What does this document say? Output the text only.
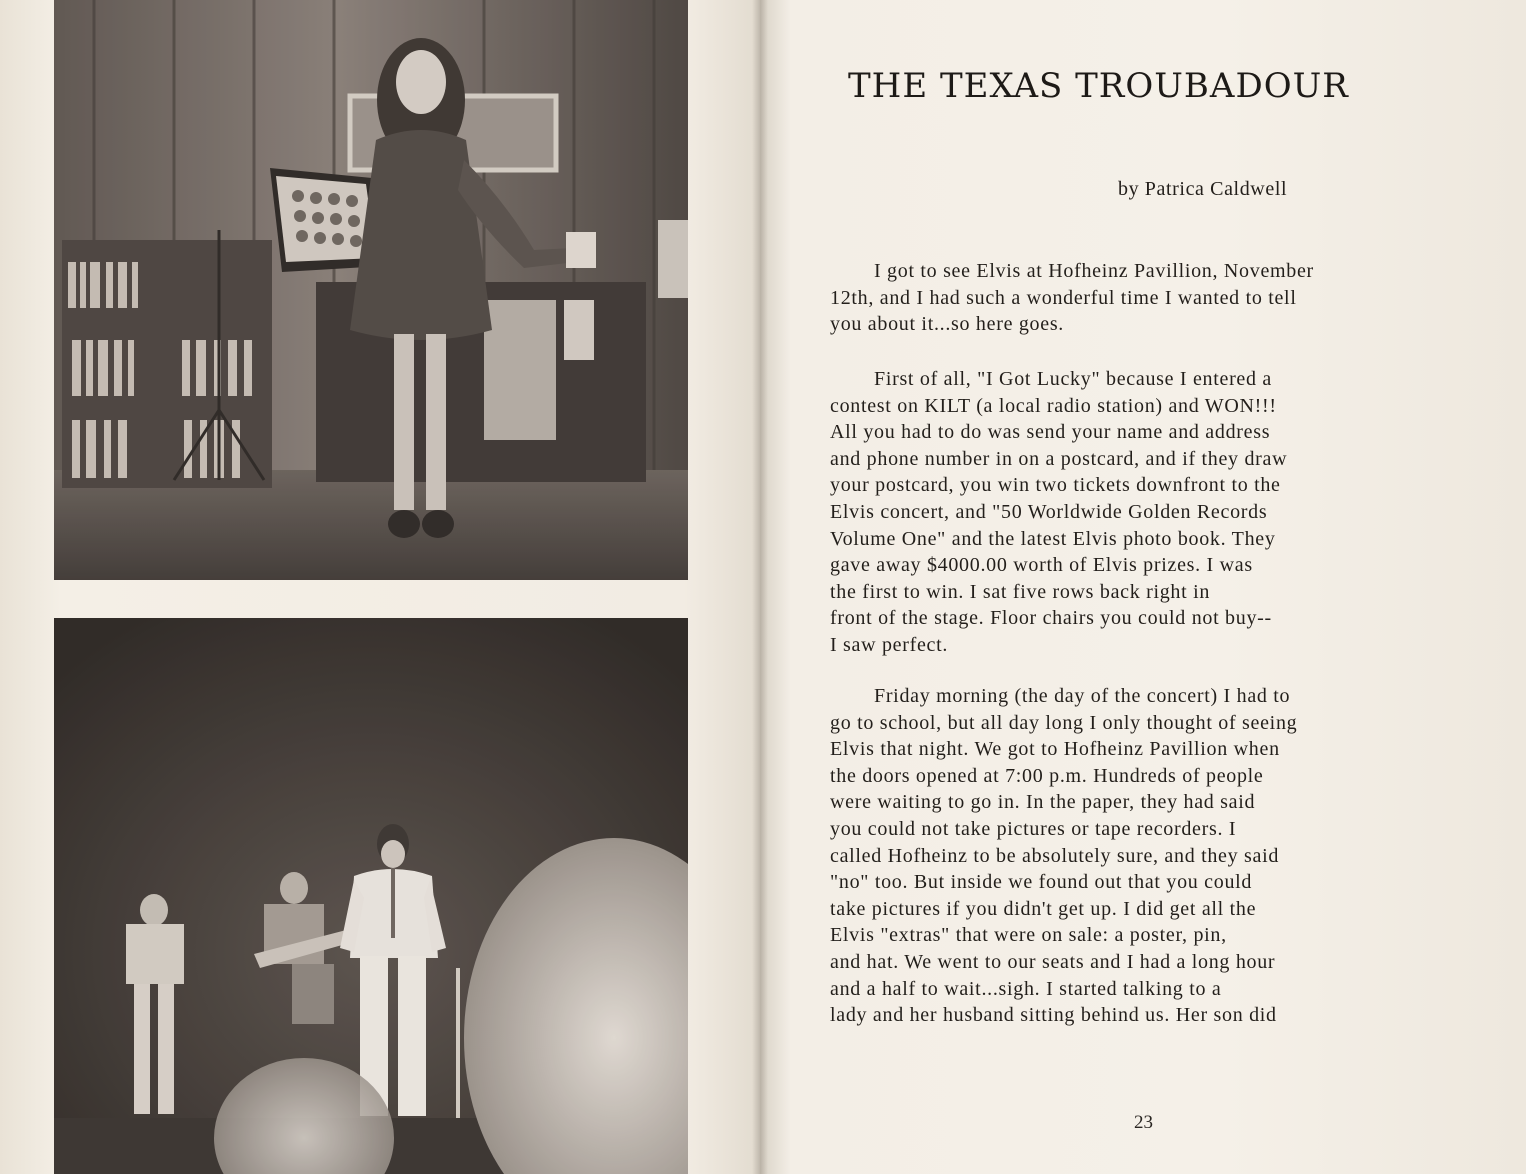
THE TEXAS TROUBADOUR
by Patrica Caldwell

I got to see Elvis at Hofheinz Pavillion, November
12th, and I had such a wonderful time I wanted to tell
you about it...so here goes.

First of all, "I Got Lucky" because I entered a
contest on KILT (a local radio station) and WON!!!
All you had to do was send your name and address
and phone number in on a postcard, and if they draw
your postcard, you win two tickets downfront to the
Elvis concert, and "50 Worldwide Golden Records
Volume One" and the latest Elvis photo book. They
gave away $4000.00 worth of Elvis prizes. I was
the first to win. I sat five rows back right in
front of the stage. Floor chairs you could not buy--
I saw perfect.

Friday morning (the day of the concert) I had to
go to school, but all day long I only thought of seeing
Elvis that night. We got to Hofheinz Pavillion when
the doors opened at 7:00 p.m. Hundreds of people
were waiting to go in. In the paper, they had said
you could not take pictures or tape recorders. I
called Hofheinz to be absolutely sure, and they said
"no" too. But inside we found out that you could
take pictures if you didn't get up. I did get all the
Elvis "extras" that were on sale: a poster, pin,
and hat. We went to our seats and I had a long hour
and a half to wait...sigh. I started talking to a
lady and her husband sitting behind us. Her son did

23
